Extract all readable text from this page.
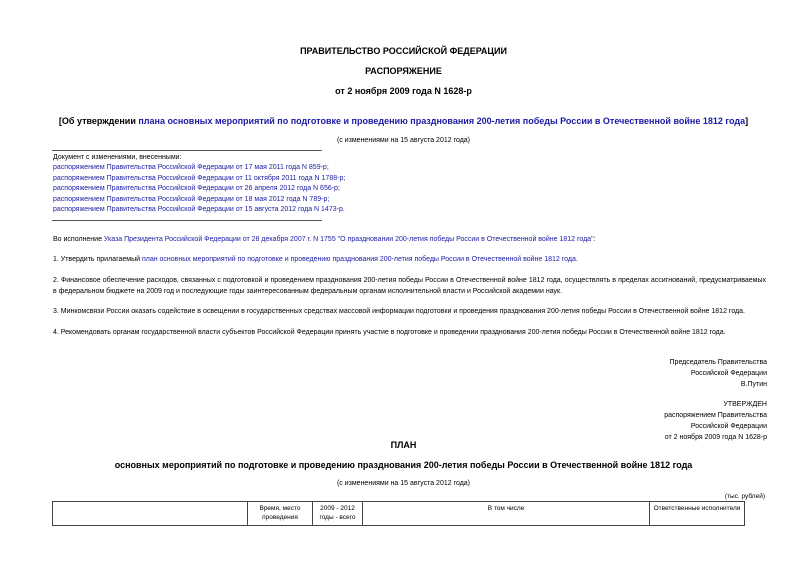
ПРАВИТЕЛЬСТВО РОССИЙСКОЙ ФЕДЕРАЦИИ
РАСПОРЯЖЕНИЕ
от 2 ноября 2009 года N 1628-р
[Об утверждении плана основных мероприятий по подготовке и проведению празднования 200-летия победы России в Отечественной войне 1812 года]
(с изменениями на 15 августа 2012 года)
Документ с изменениями, внесенными:
распоряжением Правительства Российской Федерации от 17 мая 2011 года N 859-р;
распоряжением Правительства Российской Федерации от 11 октября 2011 года N 1788-р;
распоряжением Правительства Российской Федерации от 26 апреля 2012 года N 656-р;
распоряжением Правительства Российской Федерации от 18 мая 2012 года N 789-р;
распоряжением Правительства Российской Федерации от 15 августа 2012 года N 1473-р.
Во исполнение Указа Президента Российской Федерации от 28 декабря 2007 г. N 1755 "О праздновании 200-летия победы России в Отечественной войне 1812 года":
1. Утвердить прилагаемый план основных мероприятий по подготовке и проведению празднования 200-летия победы России в Отечественной войне 1812 года.
2. Финансовое обеспечение расходов, связанных с подготовкой и проведением празднования 200-летия победы России в Отечественной войне 1812 года, осуществлять в пределах ассигнований, предусматриваемых в федеральном бюджете на 2009 год и последующие годы заинтересованным федеральным органам исполнительной власти и Российской академии наук.
3. Минкомсвязи России оказать содействие в освещении в государственных средствах массовой информации подготовки и проведения празднования 200-летия победы России в Отечественной войне 1812 года.
4. Рекомендовать органам государственной власти субъектов Российской Федерации принять участие в подготовке и проведении празднования 200-летия победы России в Отечественной войне 1812 года.
Председатель Правительства
Российской Федерации
В.Путин
УТВЕРЖДЕН
распоряжением Правительства
Российской Федерации
от 2 ноября 2009 года N 1628-р
ПЛАН
основных мероприятий по подготовке и проведению празднования 200-летия победы России в Отечественной войне 1812 года
(с изменениями на 15 августа 2012 года)
(тыс. рублей)
	Время, место проведения	2009 - 2012 годы - всего	В том числе	Ответственные исполнители
